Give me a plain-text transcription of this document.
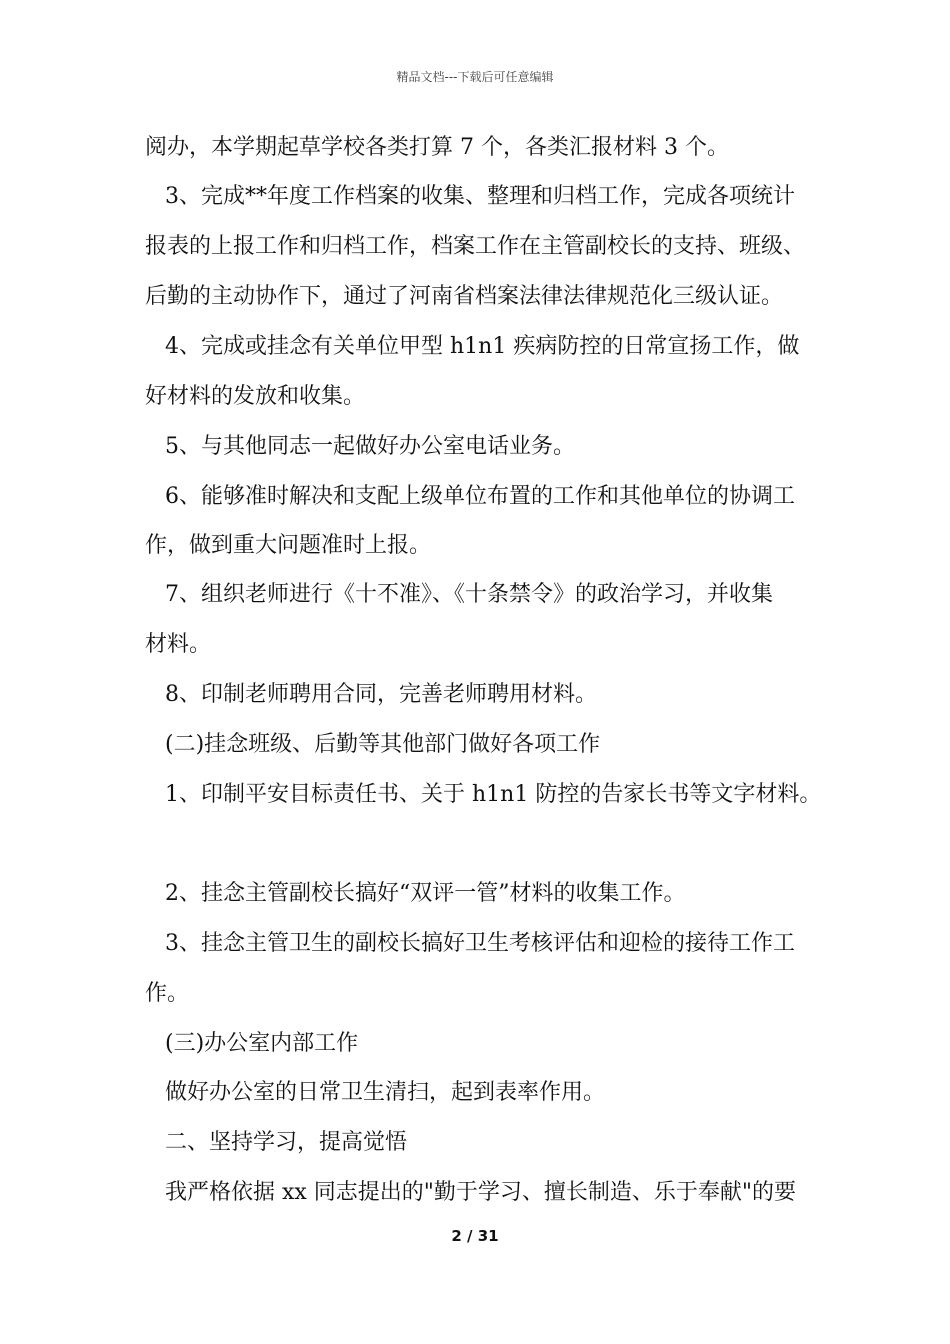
精品文档---下载后可任意编辑
阅办，本学期起草学校各类打算 7 个，各类汇报材料 3 个。
3、完成**年度工作档案的收集、整理和归档工作，完成各项统计
报表的上报工作和归档工作，档案工作在主管副校长的支持、班级、
后勤的主动协作下，通过了河南省档案法律法律规范化三级认证。
4、完成或挂念有关单位甲型 h1n1 疾病防控的日常宣扬工作，做
好材料的发放和收集。
5、与其他同志一起做好办公室电话业务。
6、能够准时解决和支配上级单位布置的工作和其他单位的协调工
作，做到重大问题准时上报。
7、组织老师进行《十不准》、《十条禁令》的政治学习，并收集
材料。
8、印制老师聘用合同，完善老师聘用材料。
(二)挂念班级、后勤等其他部门做好各项工作
1、印制平安目标责任书、关于 h1n1 防控的告家长书等文字材料。
2、挂念主管副校长搞好“双评一管”材料的收集工作。
3、挂念主管卫生的副校长搞好卫生考核评估和迎检的接待工作工
作。
(三)办公室内部工作
做好办公室的日常卫生清扫，起到表率作用。
二、坚持学习，提高觉悟
我严格依据 xx 同志提出的"勤于学习、擅长制造、乐于奉献"的要
2 / 31
